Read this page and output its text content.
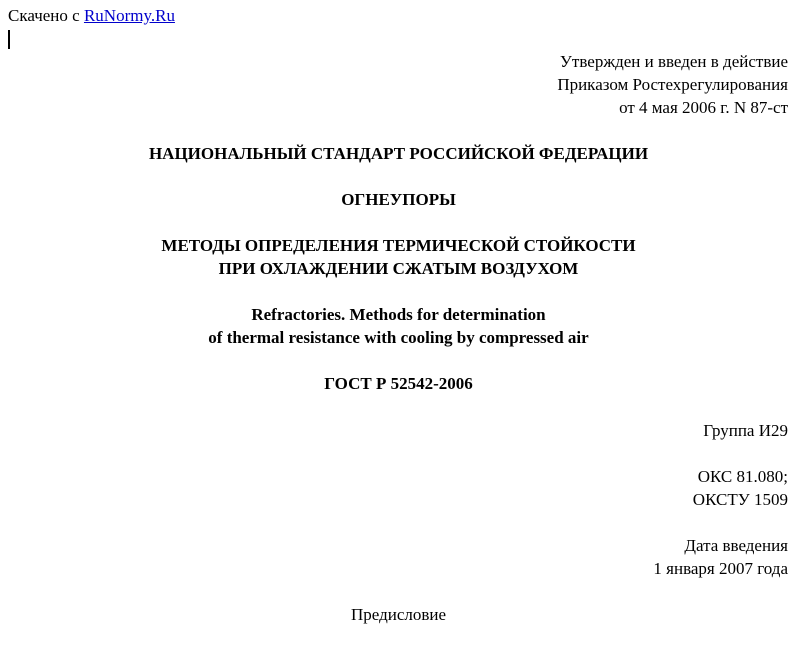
Скачено с RuNormy.Ru
Утвержден и введен в действие
Приказом Ростехрегулирования
от 4 мая 2006 г. N 87-ст
НАЦИОНАЛЬНЫЙ СТАНДАРТ РОССИЙСКОЙ ФЕДЕРАЦИИ
ОГНЕУПОРЫ
МЕТОДЫ ОПРЕДЕЛЕНИЯ ТЕРМИЧЕСКОЙ СТОЙКОСТИ
ПРИ ОХЛАЖДЕНИИ СЖАТЫМ ВОЗДУХОМ
Refractories. Methods for determination
of thermal resistance with cooling by compressed air
ГОСТ Р 52542-2006
Группа И29
ОКС 81.080;
ОКСТУ 1509
Дата введения
1 января 2007 года
Предисловие
